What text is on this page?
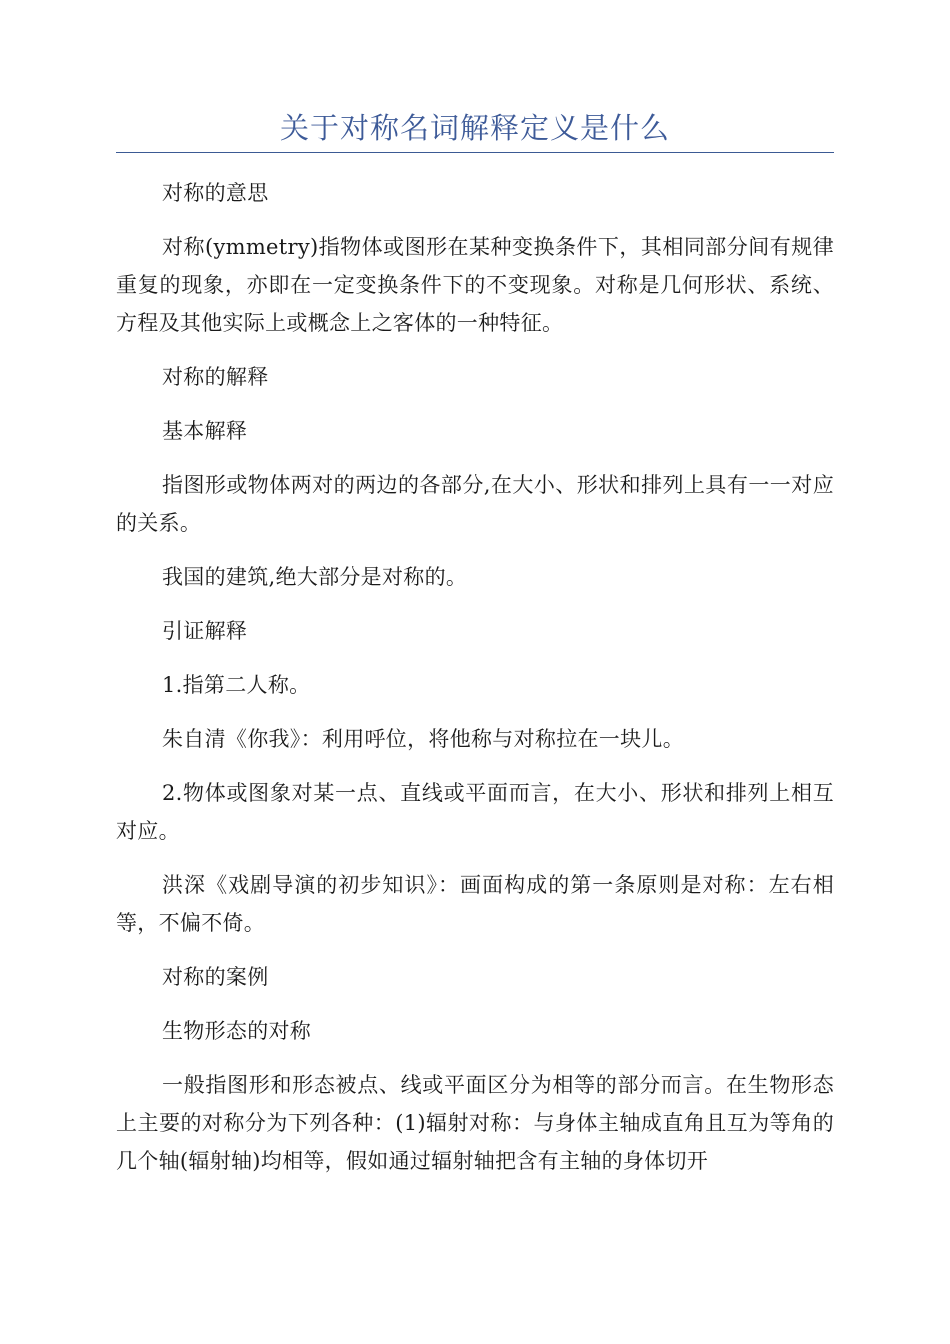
关于对称名词解释定义是什么

对称的意思

对称(ymmetry)指物体或图形在某种变换条件下，其相同部分间有规律重复的现象，亦即在一定变换条件下的不变现象。对称是几何形状、系统、方程及其他实际上或概念上之客体的一种特征。

对称的解释

基本解释

指图形或物体两对的两边的各部分,在大小、形状和排列上具有一一对应的关系。

我国的建筑,绝大部分是对称的。

引证解释

1.指第二人称。

朱自清《你我》：利用呼位，将他称与对称拉在一块儿。

2.物体或图象对某一点、直线或平面而言，在大小、形状和排列上相互对应。

洪深《戏剧导演的初步知识》：画面构成的第一条原则是对称：左右相等，不偏不倚。

对称的案例

生物形态的对称

一般指图形和形态被点、线或平面区分为相等的部分而言。在生物形态上主要的对称分为下列各种：(1)辐射对称：与身体主轴成直角且互为等角的几个轴(辐射轴)均相等，假如通过辐射轴把含有主轴的身体切开
